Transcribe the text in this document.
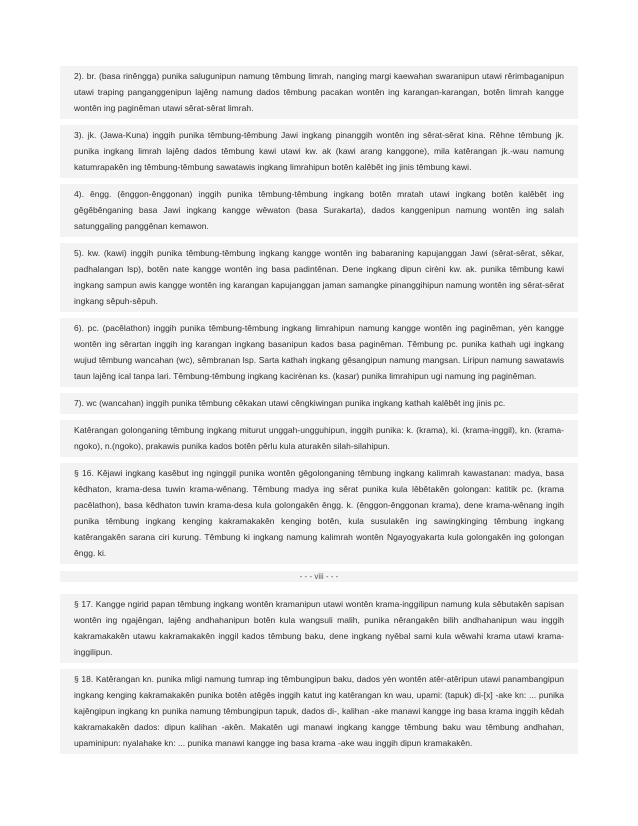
2). br. (basa rinêngga) punika salugunipun namung têmbung limrah, nanging margi kaewahan swaranipun utawi rêrimbaganipun utawi traping panganggenipun lajêng namung dados têmbung pacakan wontên ing karangan-karangan, botên limrah kangge wontên ing paginêman utawi sêrat-sêrat limrah.

3). jk. (Jawa-Kuna) inggih punika têmbung-têmbung Jawi ingkang pinanggih wontên ing sêrat-sêrat kina. Rêhne têmbung jk. punika ingkang limrah lajêng dados têmbung kawi utawi kw. ak (kawi arang kanggone), mila katêrangan jk.-wau namung katumrapakên ing têmbung-têmbung sawatawis ingkang limrahipun botên kalêbêt ing jinis têmbung kawi.

4). êngg. (ênggon-ênggonan) inggih punika têmbung-têmbung ingkang botên mratah utawi ingkang botên kalêbêt ing gêgêbênganing basa Jawi ingkang kangge wêwaton (basa Surakarta), dados kanggenipun namung wontên ing salah satunggaling panggênan kemawon.

5). kw. (kawi) inggih punika têmbung-têmbung ingkang kangge wontên ing babaraning kapujanggan Jawi (sêrat-sêrat, sêkar, padhalangan lsp), botên nate kangge wontên ing basa padintênan. Dene ingkang dipun cirèni kw. ak. punika têmbung kawi ingkang sampun awis kangge wontên ing karangan kapujanggan jaman samangke pinanggihipun namung wontên ing sêrat-sêrat ingkang sêpuh-sêpuh.

6). pc. (pacêlathon) inggih punika têmbung-têmbung ingkang limrahipun namung kangge wontên ing paginêman, yèn kangge wontên ing sêrartan inggih ing karangan ingkang basanipun kados basa paginêman. Têmbung pc. punika kathah ugi ingkang wujud têmbung wancahan (wc), sêmbranan lsp. Sarta kathah ingkang gêsangipun namung mangsan. Liripun namung sawatawis taun lajêng ical tanpa lari. Têmbung-têmbung ingkang kacirènan ks. (kasar) punika limrahipun ugi namung ing paginêman.

7). wc (wancahan) inggih punika têmbung cêkakan utawi cêngkiwingan punika ingkang kathah kalêbêt ing jinis pc.

Katêrangan golonganing têmbung ingkang miturut unggah-ungguhipun, inggih punika: k. (krama), ki. (krama-inggil), kn. (krama-ngoko), n.(ngoko), prakawis punika kados botên pêrlu kula aturakên silah-silahipun.

§ 16. Kêjawi ingkang kasêbut ing nginggil punika wontên gêgolonganing têmbung ingkang kalimrah kawastanan: madya, basa kêdhaton, krama-desa tuwin krama-wênang. Têmbung madya ing sêrat punika kula lêbêtakên golongan: katitik pc. (krama pacêlathon), basa kêdhaton tuwin krama-desa kula golongakên êngg. k. (ênggon-ênggonan krama), dene krama-wênang ingih punika têmbung ingkang kenging kakramakakên kenging botên, kula susulakên ing sawingkinging têmbung ingkang katêrangakên sarana ciri kurung. Têmbung ki ingkang namung kalimrah wontên Ngayogyakarta kula golongakên ing golongan êngg. ki.

- - - viii - - -

§ 17. Kangge ngirid papan têmbung ingkang wontên kramanipun utawi wontên krama-inggilipun namung kula sêbutakên sapisan wontên ing ngajêngan, lajêng andhahanipun botên kula wangsuli malih, punika nêrangakên bilih andhahanipun wau inggih kakramakakên utawu kakramakakên inggil kados têmbung baku, dene ingkang nyêbal sami kula wêwahi krama utawi krama-inggilipun.

§ 18. Katêrangan kn. punika mligi namung tumrap ing têmbungipun baku, dados yèn wontên atêr-atêripun utawi panambangipun ingkang kenging kakramakakên punika botên atêgês inggih katut ing katêrangan kn wau, upami: (tapuk) di-[x] -ake kn: ... punika kajêngipun ingkang kn punika namung têmbungipun tapuk, dados di-, kalihan -ake manawi kangge ing basa krama inggih kêdah kakramakakên dados: dipun kalihan -akên. Makatên ugi manawi ingkang kangge têmbung baku wau têmbung andhahan, upaminipun: nyalahake kn: ... punika manawi kangge ing basa krama -ake wau inggih dipun kramakakên.
